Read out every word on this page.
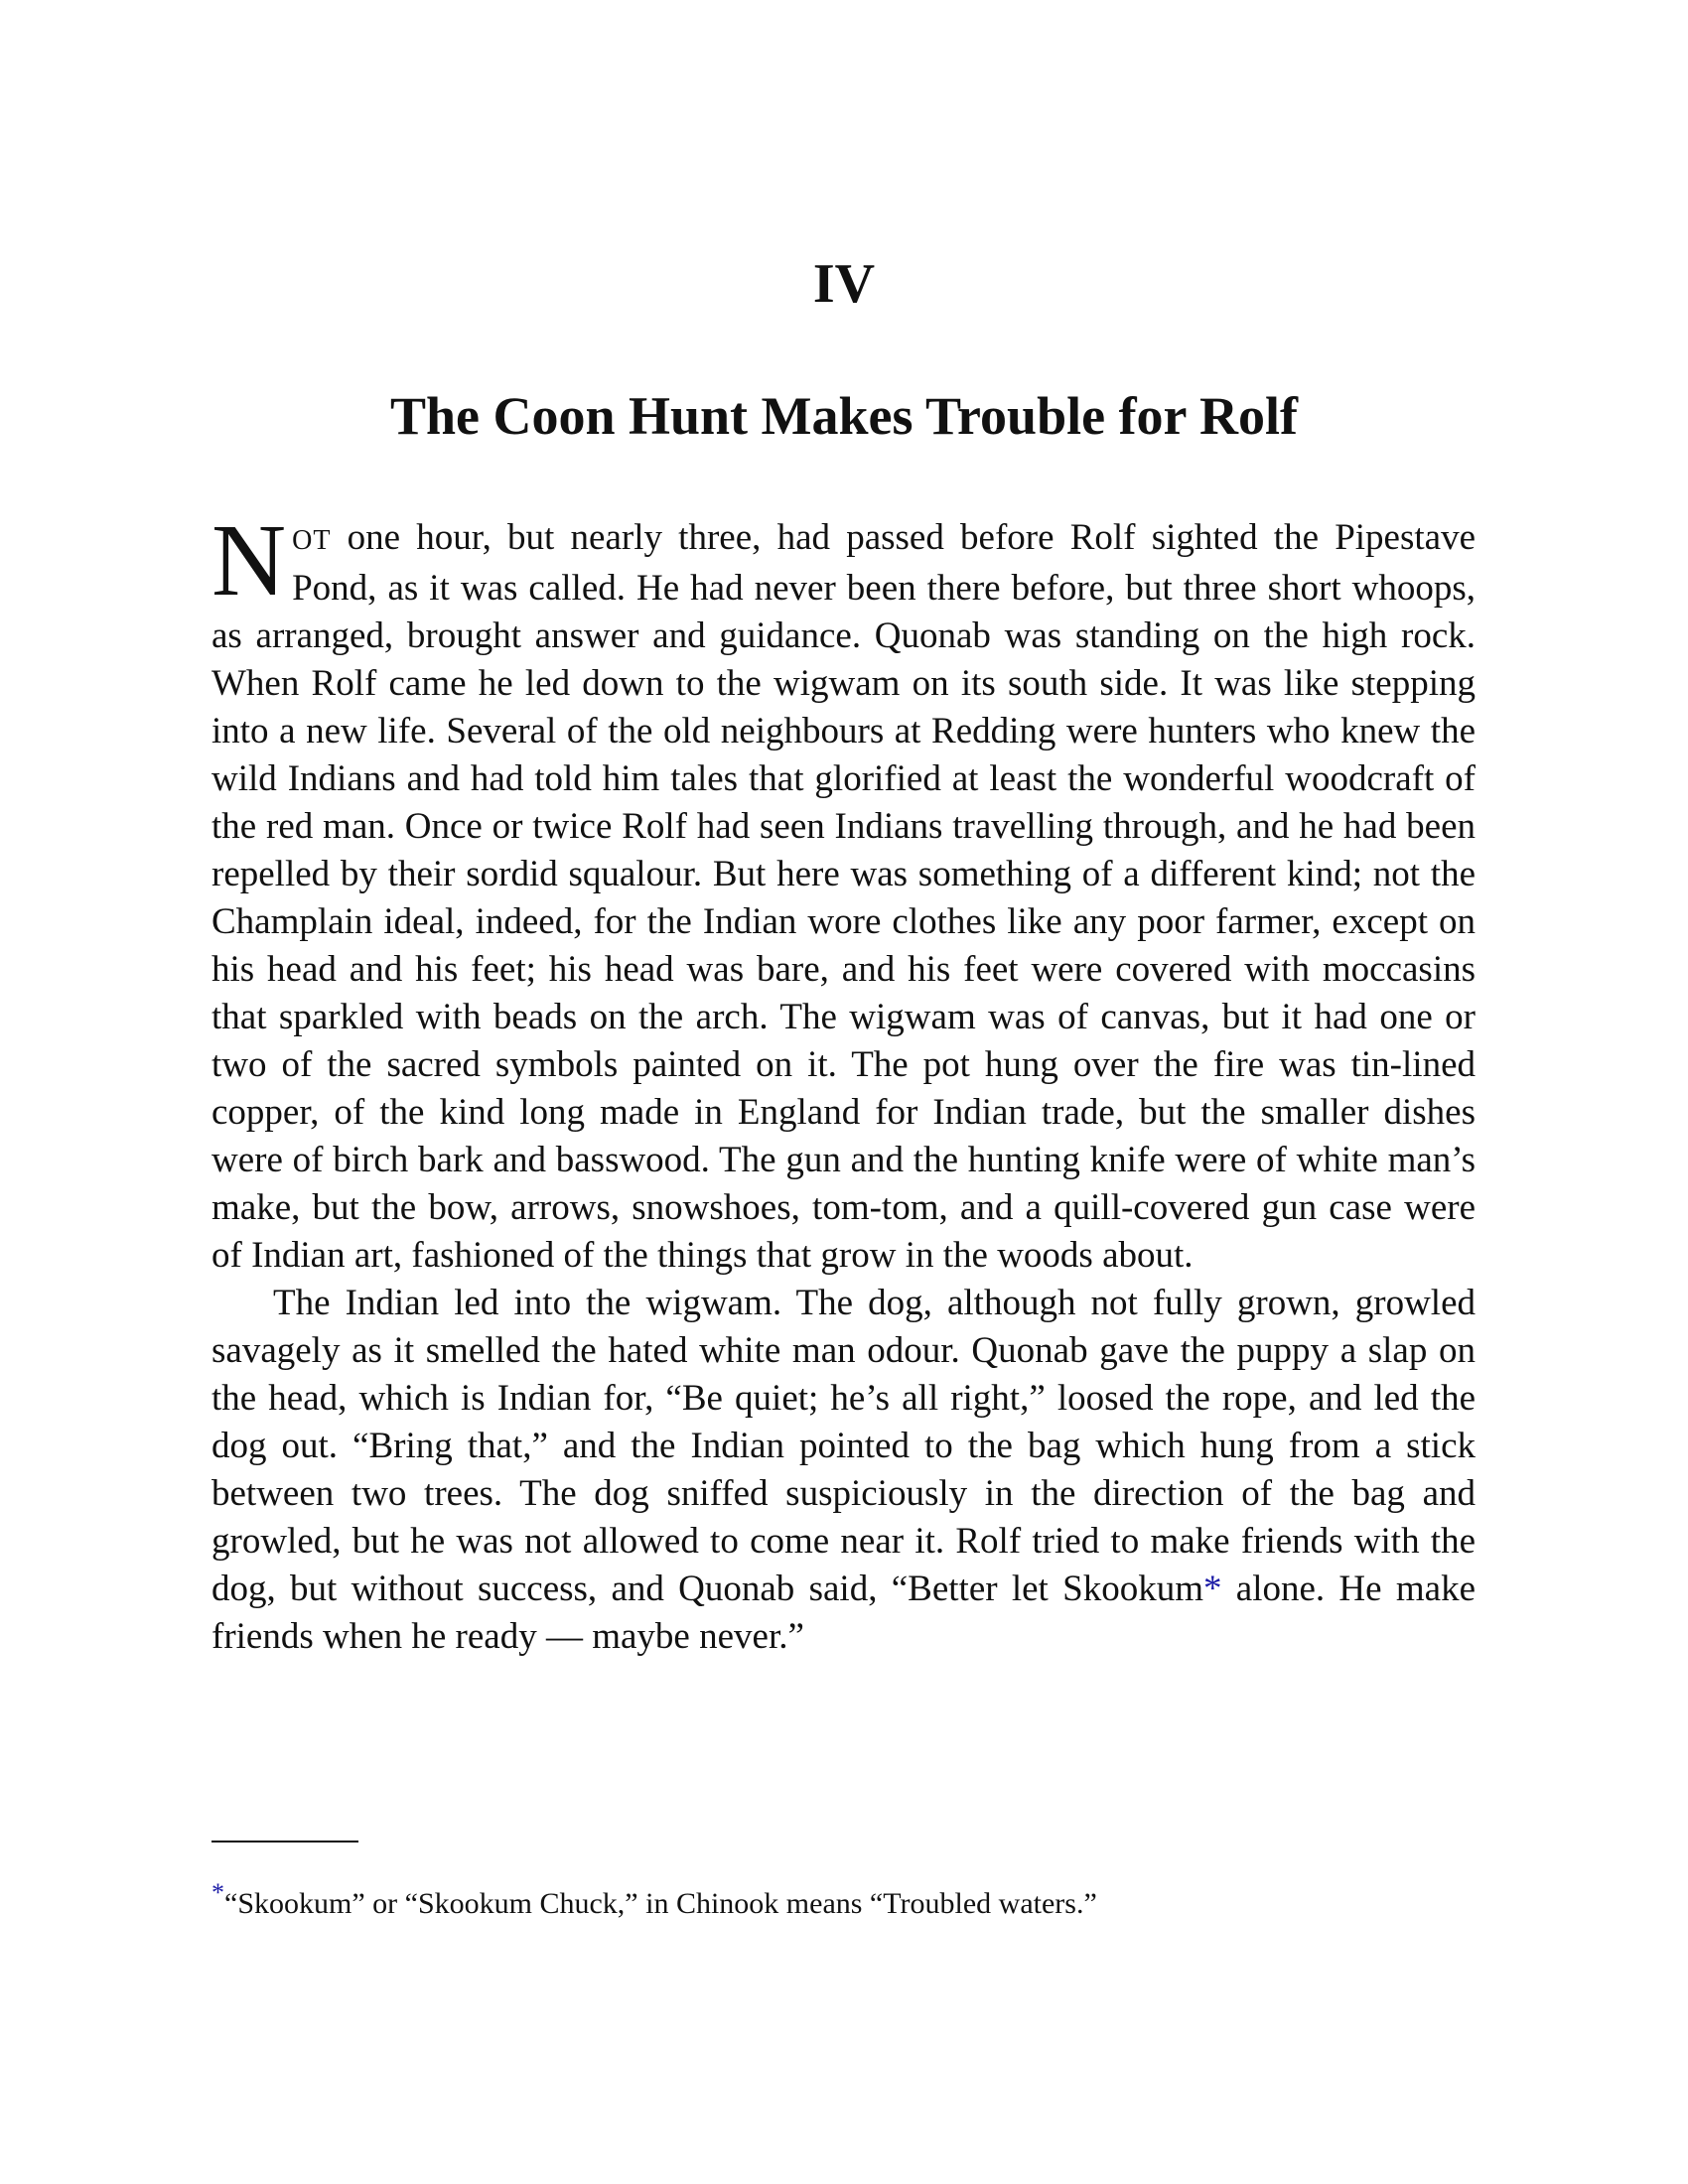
IV
The Coon Hunt Makes Trouble for Rolf

NOT one hour, but nearly three, had passed before Rolf sighted the Pipestave Pond, as it was called. He had never been there before, but three short whoops, as arranged, brought answer and guidance. Quonab was standing on the high rock. When Rolf came he led down to the wigwam on its south side. It was like stepping into a new life. Several of the old neighbours at Redding were hunters who knew the wild Indians and had told him tales that glorified at least the wonderful woodcraft of the red man. Once or twice Rolf had seen Indians travelling through, and he had been repelled by their sordid squalour. But here was something of a different kind; not the Champlain ideal, indeed, for the Indian wore clothes like any poor farmer, except on his head and his feet; his head was bare, and his feet were covered with moccasins that sparkled with beads on the arch. The wigwam was of canvas, but it had one or two of the sacred symbols painted on it. The pot hung over the fire was tin-lined copper, of the kind long made in England for Indian trade, but the smaller dishes were of birch bark and basswood. The gun and the hunting knife were of white man’s make, but the bow, arrows, snowshoes, tom-tom, and a quill-covered gun case were of Indian art, fashioned of the things that grow in the woods about.

The Indian led into the wigwam. The dog, although not fully grown, growled savagely as it smelled the hated white man odour. Quonab gave the puppy a slap on the head, which is Indian for, “Be quiet; he’s all right,” loosed the rope, and led the dog out. “Bring that,” and the Indian pointed to the bag which hung from a stick between two trees. The dog sniffed suspiciously in the direction of the bag and growled, but he was not allowed to come near it. Rolf tried to make friends with the dog, but without success, and Quonab said, “Better let Skookum* alone. He make friends when he ready — maybe never.”

*“Skookum” or “Skookum Chuck,” in Chinook means “Troubled waters.”
